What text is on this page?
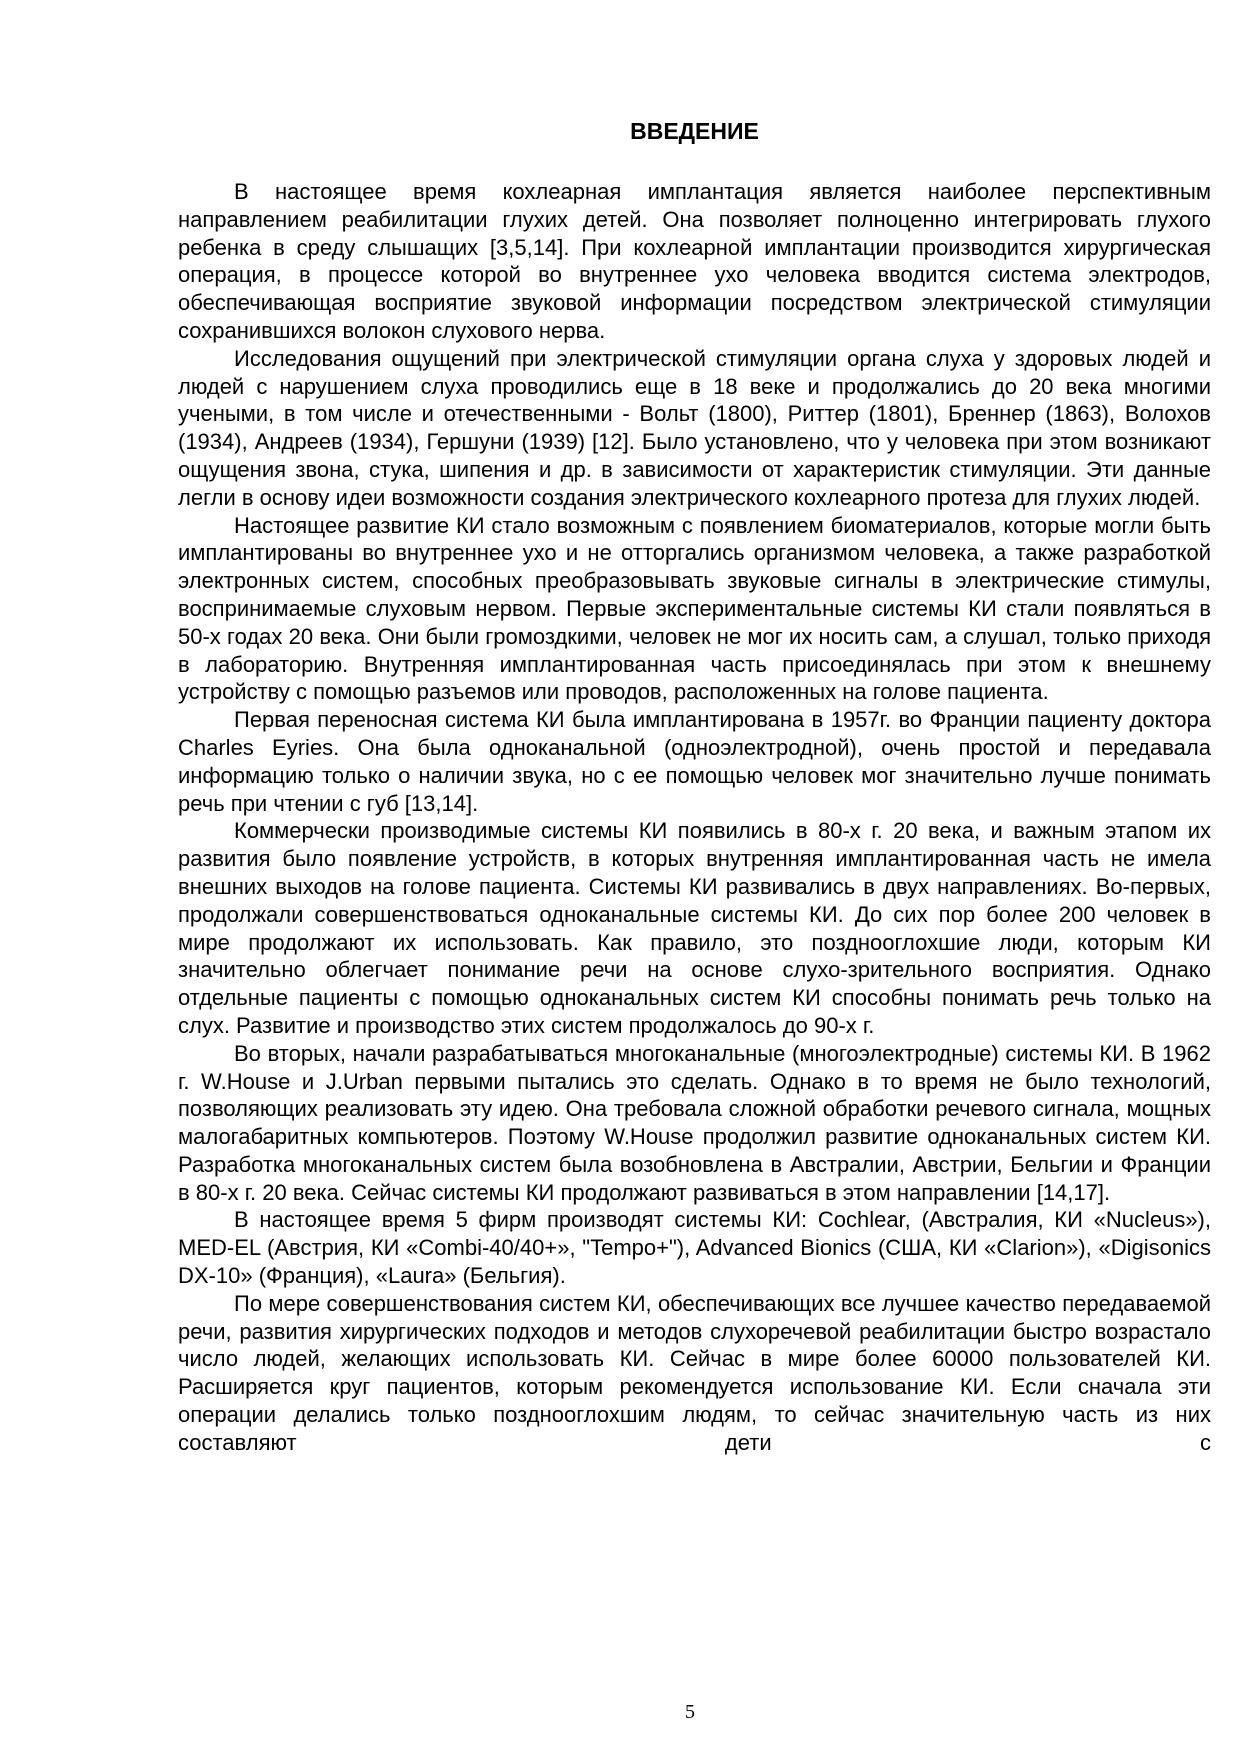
ВВЕДЕНИЕ

В настоящее время кохлеарная имплантация является наиболее перспективным направлением реабилитации глухих детей. Она позволяет полноценно интегрировать глухого ребенка в среду слышащих [3,5,14]. При кохлеарной имплантации производится хирургическая операция, в процессе которой во внутреннее ухо человека вводится система электродов, обеспечивающая восприятие звуковой информации посредством электрической стимуляции сохранившихся волокон слухового нерва.

Исследования ощущений при электрической стимуляции органа слуха у здоровых людей и людей с нарушением слуха проводились еще в 18 веке и продолжались до 20 века многими учеными, в том числе и отечественными - Вольт (1800), Риттер (1801), Бреннер (1863), Волохов (1934), Андреев (1934), Гершуни (1939) [12]. Было установлено, что у человека при этом возникают ощущения звона, стука, шипения и др. в зависимости от характеристик стимуляции. Эти данные легли в основу идеи возможности создания электрического кохлеарного протеза для глухих людей.

Настоящее развитие КИ стало возможным с появлением биоматериалов, которые могли быть имплантированы во внутреннее ухо и не отторгались организмом человека, а также разработкой электронных систем, способных преобразовывать звуковые сигналы в электрические стимулы, воспринимаемые слуховым нервом. Первые экспериментальные системы КИ стали появляться в 50-х годах 20 века. Они были громоздкими, человек не мог их носить сам, а слушал, только приходя в лабораторию. Внутренняя имплантированная часть присоединялась при этом к внешнему устройству с помощью разъемов или проводов, расположенных на голове пациента.

Первая переносная система КИ была имплантирована в 1957г. во Франции пациенту доктора Charles Eyries. Она была одноканальной (одноэлектродной), очень простой и передавала информацию только о наличии звука, но с ее помощью человек мог значительно лучше понимать речь при чтении с губ [13,14].

Коммерчески производимые системы КИ появились в 80-х г. 20 века, и важным этапом их развития было появление устройств, в которых внутренняя имплантированная часть не имела внешних выходов на голове пациента. Системы КИ развивались в двух направлениях. Во-первых, продолжали совершенствоваться одноканальные системы КИ. До сих пор более 200 человек в мире продолжают их использовать. Как правило, это позднооглохшие люди, которым КИ значительно облегчает понимание речи на основе слухо-зрительного восприятия. Однако отдельные пациенты с помощью одноканальных систем КИ способны понимать речь только на слух. Развитие и производство этих систем продолжалось до 90-х г.

Во вторых, начали разрабатываться многоканальные (многоэлектродные) системы КИ. В 1962 г. W.House и J.Urban первыми пытались это сделать. Однако в то время не было технологий, позволяющих реализовать эту идею. Она требовала сложной обработки речевого сигнала, мощных малогабаритных компьютеров. Поэтому W.House продолжил развитие одноканальных систем КИ. Разработка многоканальных систем была возобновлена в Австралии, Австрии, Бельгии и Франции в 80-х г. 20 века. Сейчас системы КИ продолжают развиваться в этом направлении [14,17].

В настоящее время 5 фирм производят системы КИ: Cochlear, (Австралия, КИ «Nucleus»), MED-EL (Австрия, КИ «Combi-40/40+», "Tempo+"), Advanced Bionics (США, КИ «Clarion»), «Digisonics DX-10» (Франция), «Laura» (Бельгия).

По мере совершенствования систем КИ, обеспечивающих все лучшее качество передаваемой речи, развития хирургических подходов и методов слухоречевой реабилитации быстро возрастало число людей, желающих использовать КИ. Сейчас в мире более 60000 пользователей КИ. Расширяется круг пациентов, которым рекомендуется использование КИ. Если сначала эти операции делались только позднооглохшим людям, то сейчас значительную часть из них составляют дети с

5
